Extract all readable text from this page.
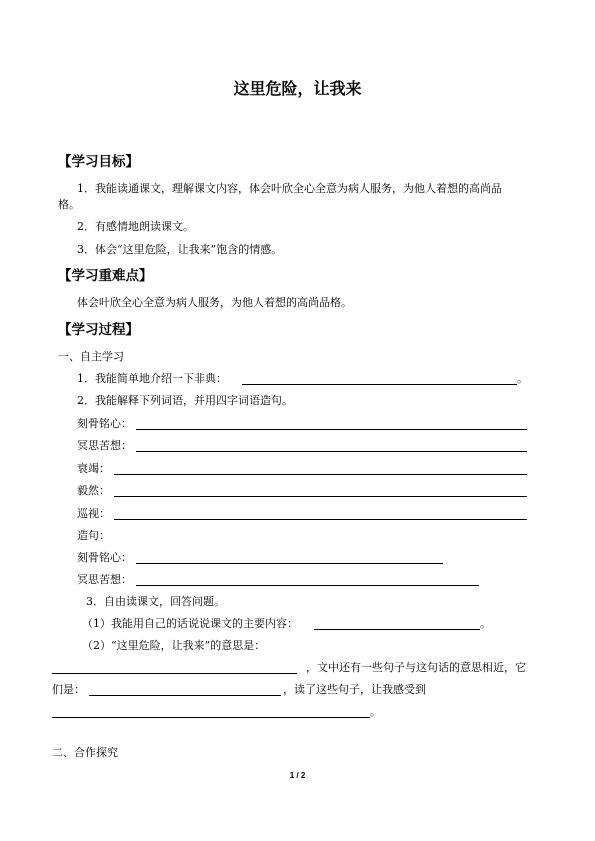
这里危险，让我来
【学习目标】
1．我能读通课文，理解课文内容，体会叶欣全心全意为病人服务，为他人着想的高尚品
格。
2．有感情地朗读课文。
3．体会“这里危险，让我来”饱含的情感。
【学习重难点】
体会叶欣全心全意为病人服务，为他人着想的高尚品格。
【学习过程】
一、自主学习
1．我能简单地介绍一下非典：	。
2．我能解释下列词语，并用四字词语造句。
刻骨铭心：
冥思苦想：
衰竭：
毅然：
巡视：
造句：
刻骨铭心：
冥思苦想：
3．自由读课文，回答问题。
（1）我能用自己的话说说课文的主要内容：	。
（2）“这里危险，让我来”的意思是：
，文中还有一些句子与这句话的意思相近，它
们是：	，读了这些句子，让我感受到
。
二、合作探究
1 / 2
